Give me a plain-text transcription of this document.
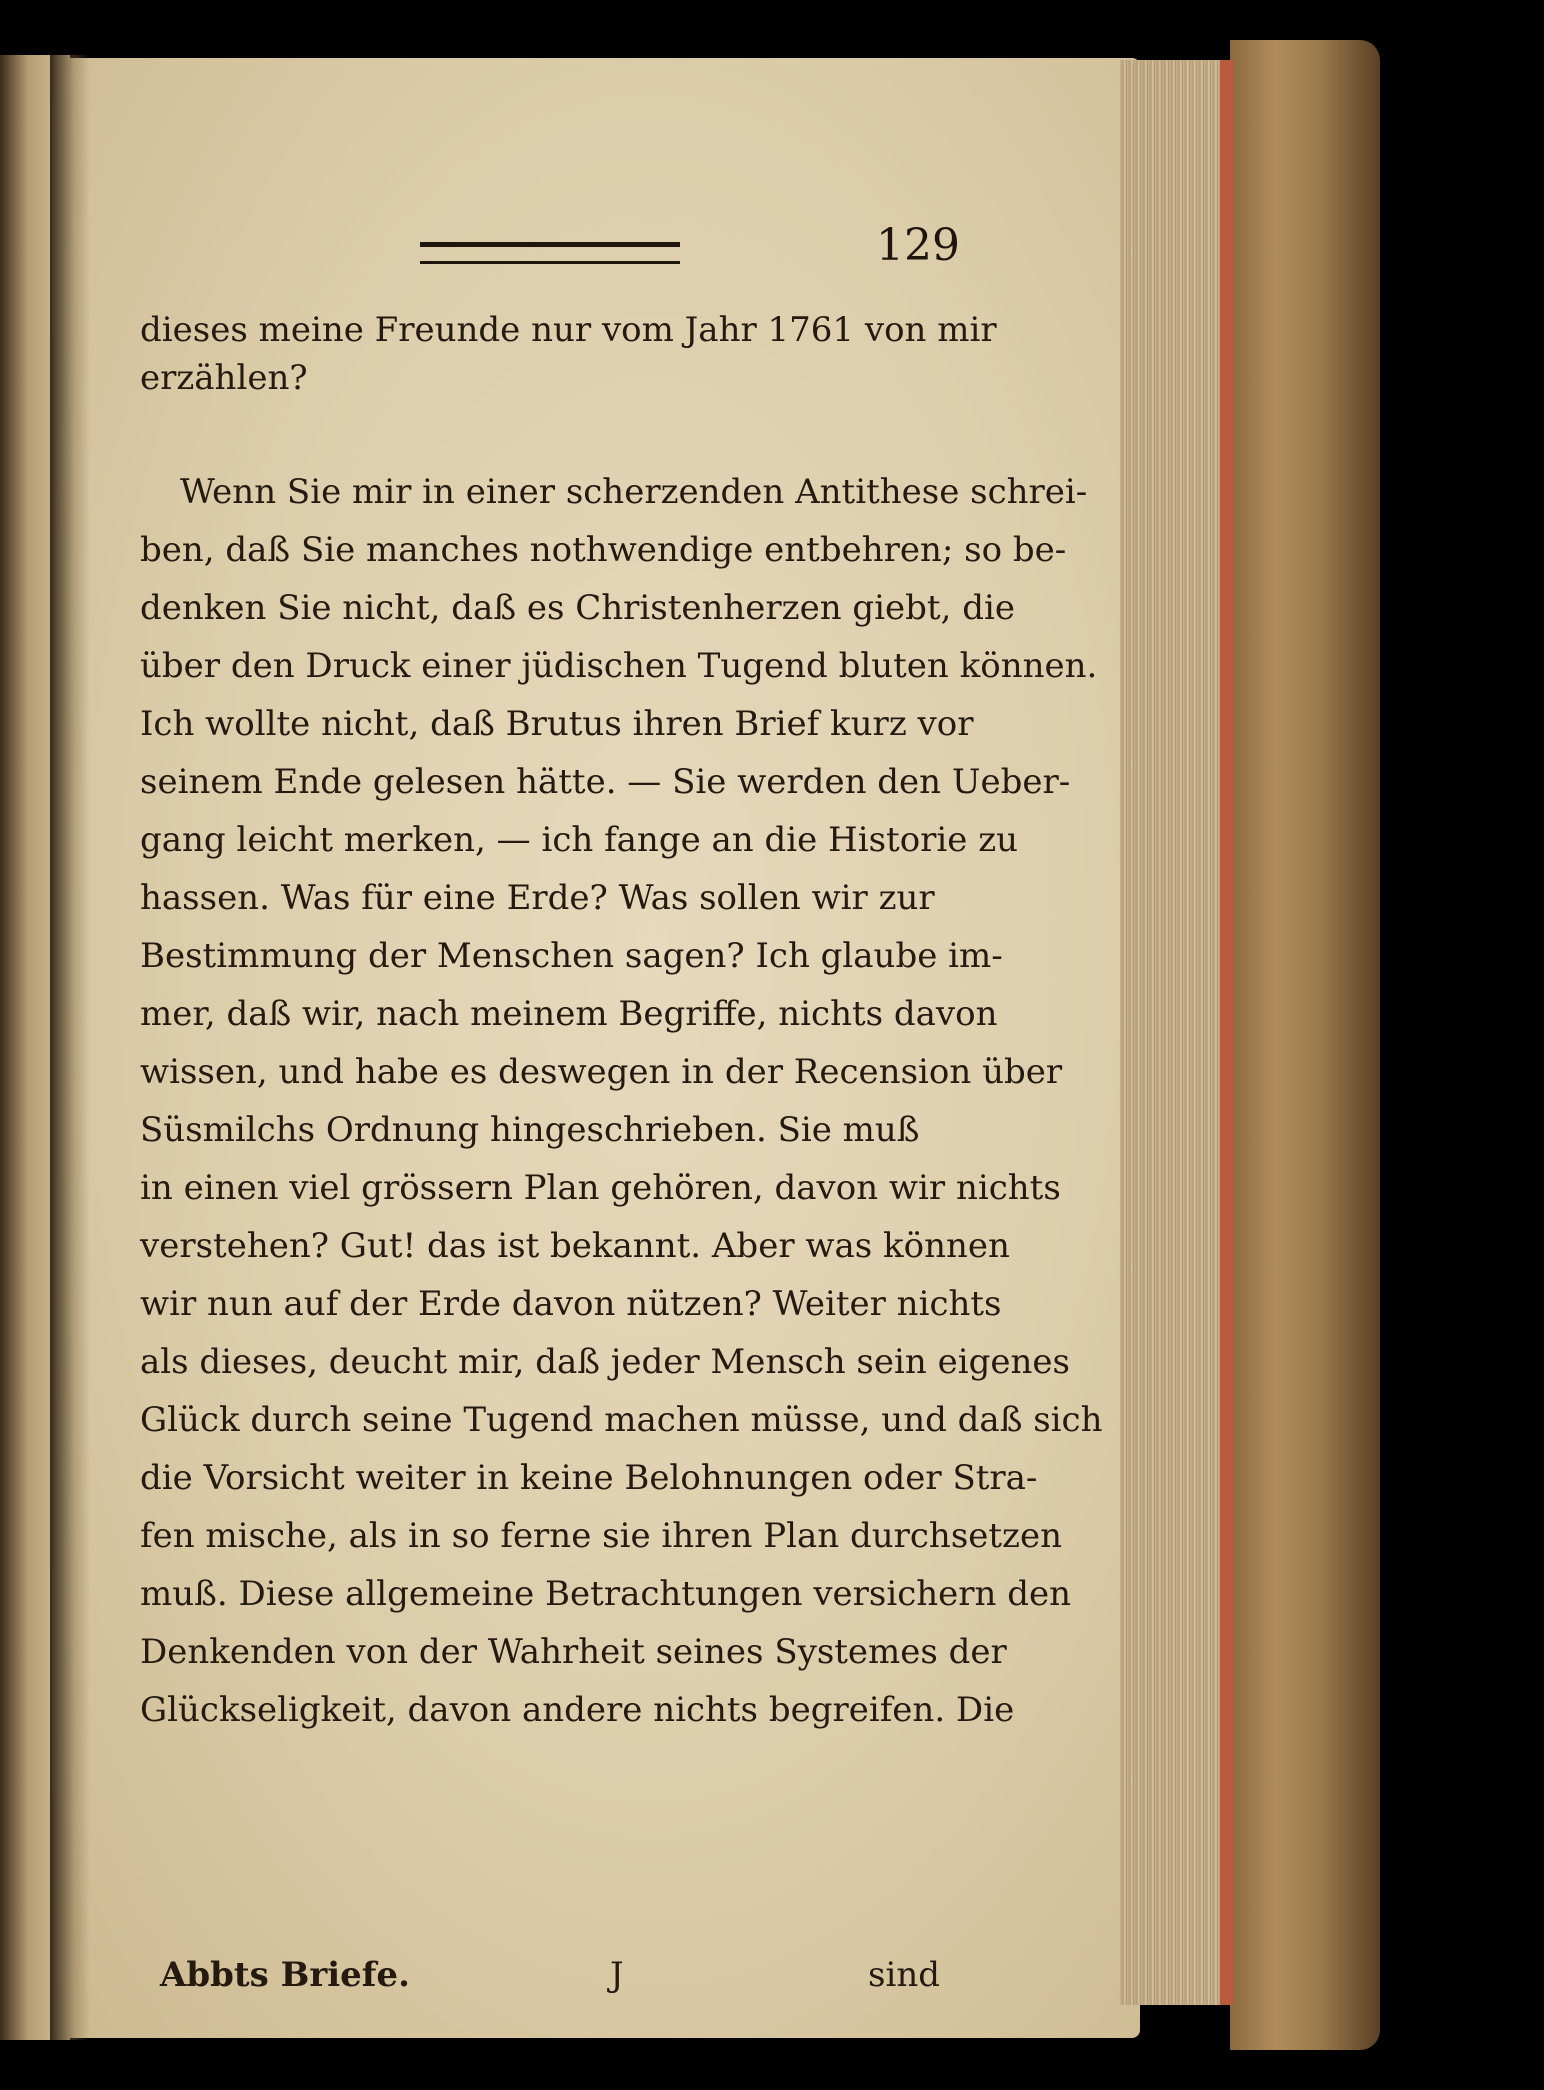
129
dieses meine Freunde nur vom Jahr 1761 von mir
erzählen?
Wenn Sie mir in einer scherzenden Antithese schrei-
ben, daß Sie manches nothwendige entbehren; so be-
denken Sie nicht, daß es Christenherzen giebt, die
über den Druck einer jüdischen Tugend bluten können.
Ich wollte nicht, daß Brutus ihren Brief kurz vor
seinem Ende gelesen hätte. — Sie werden den Ueber-
gang leicht merken, — ich fange an die Historie zu
hassen. Was für eine Erde? Was sollen wir zur
Bestimmung der Menschen sagen? Ich glaube im-
mer, daß wir, nach meinem Begriffe, nichts davon
wissen, und habe es deswegen in der Recension über
Süsmilchs Ordnung hingeschrieben. Sie muß
in einen viel grössern Plan gehören, davon wir nichts
verstehen? Gut! das ist bekannt. Aber was können
wir nun auf der Erde davon nützen? Weiter nichts
als dieses, deucht mir, daß jeder Mensch sein eigenes
Glück durch seine Tugend machen müsse, und daß sich
die Vorsicht weiter in keine Belohnungen oder Stra-
fen mische, als in so ferne sie ihren Plan durchsetzen
muß. Diese allgemeine Betrachtungen versichern den
Denkenden von der Wahrheit seines Systemes der
Glückseligkeit, davon andere nichts begreifen. Die
Abbts Briefe.	J	sind
